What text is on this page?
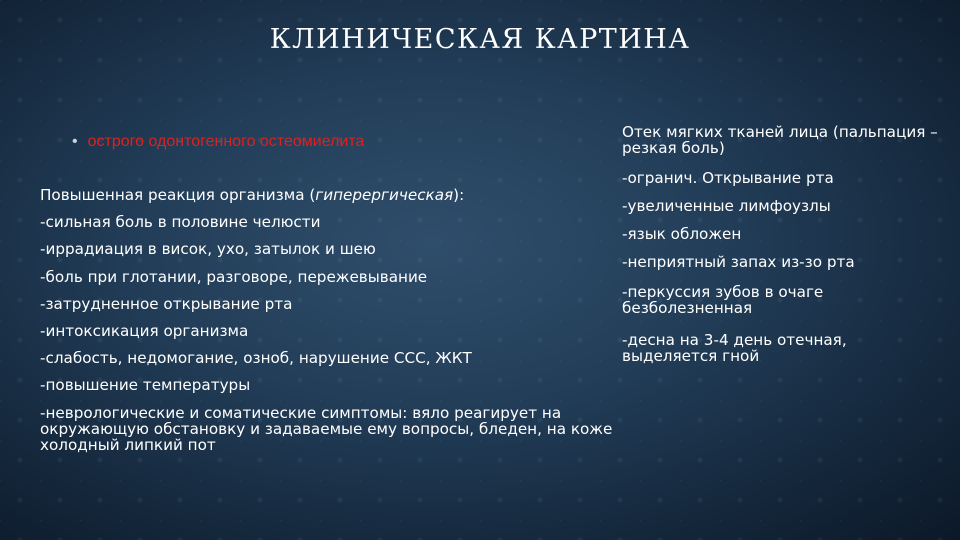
КЛИНИЧЕСКАЯ КАРТИНА
• острого одонтогенного остеомиелита
Повышенная реакция организма (гиперергическая):
-сильная боль в половине челюсти
-иррадиация в висок, ухо, затылок и шею
-боль при глотании, разговоре, пережевывание
-затрудненное открывание рта
-интоксикация организма
-слабость, недомогание, озноб, нарушение ССС, ЖКТ
-повышение температуры
-неврологические и соматические симптомы: вяло реагирует на окружающую обстановку и задаваемые ему вопросы, бледен, на коже холодный липкий пот
Отек мягких тканей лица (пальпация – резкая боль)
-огранич. Открывание рта
-увеличенные лимфоузлы
-язык обложен
-неприятный запах из-зо рта
-перкуссия зубов в очаге безболезненная
-десна на 3-4 день отечная, выделяется гной
